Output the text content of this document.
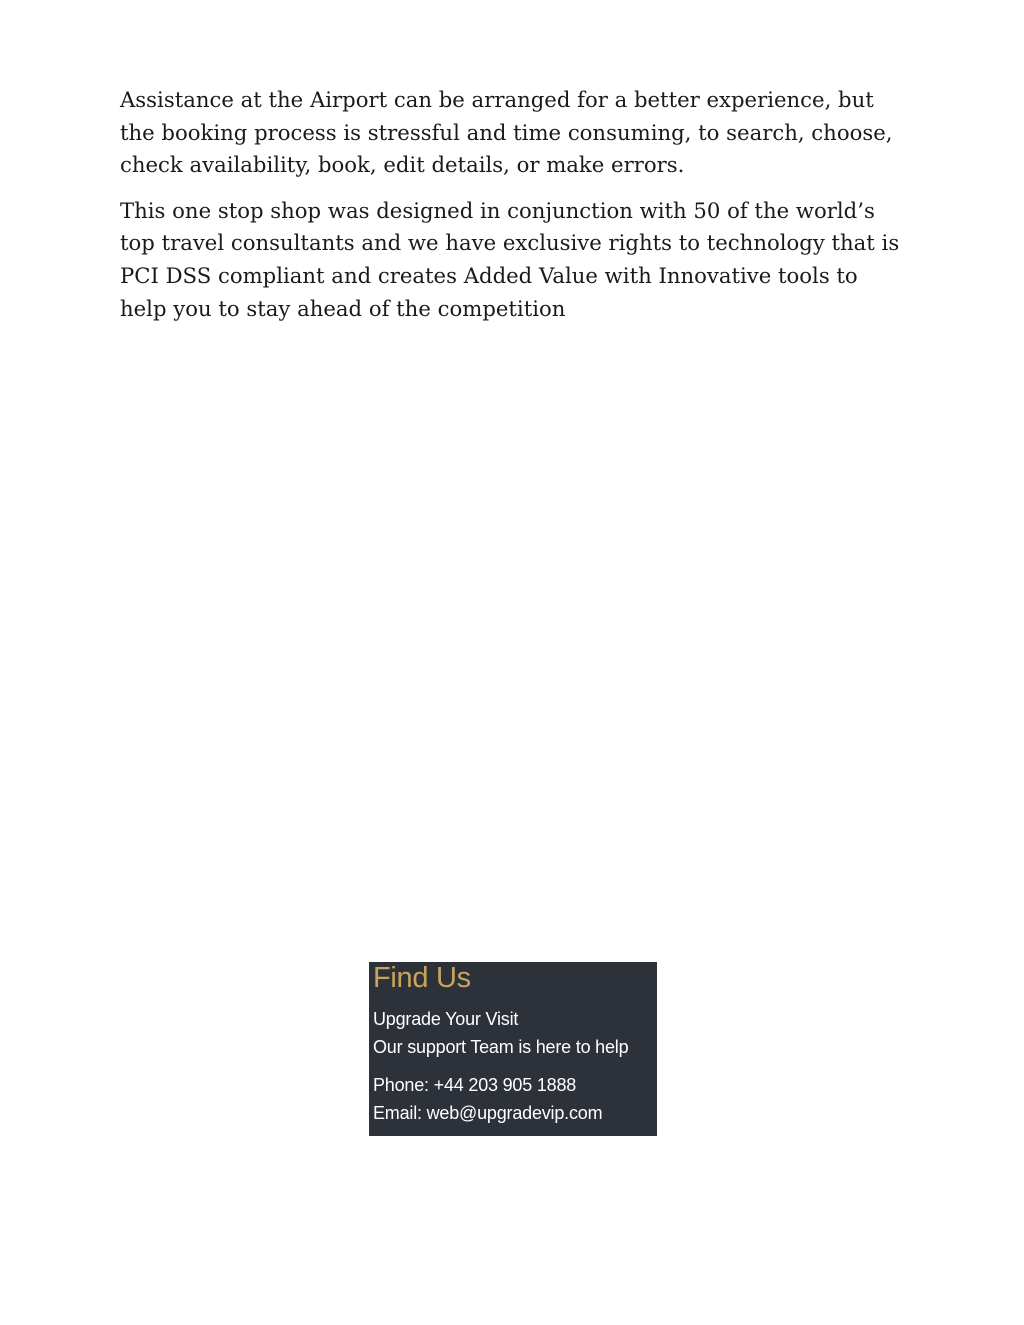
Assistance at the Airport can be arranged for a better experience, but the booking process is stressful and time consuming, to search, choose, check availability, book, edit details, or make errors.

This one stop shop was designed in conjunction with 50 of the world’s top travel consultants and we have exclusive rights to technology that is PCI DSS compliant and creates Added Value with Innovative tools to help you to stay ahead of the competition

Find Us
Upgrade Your Visit
Our support Team is here to help
Phone: +44 203 905 1888
Email: web@upgradevip.com
